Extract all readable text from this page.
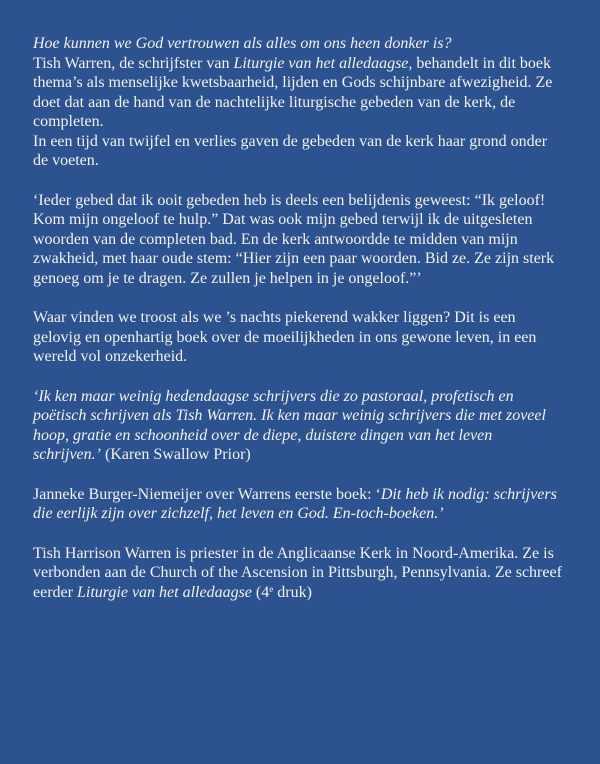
Hoe kunnen we God vertrouwen als alles om ons heen donker is?

Tish Warren, de schrijfster van Liturgie van het alledaagse, behandelt in dit boek thema’s als menselijke kwetsbaarheid, lijden en Gods schijnbare afwezigheid. Ze doet dat aan de hand van de nachtelijke liturgische gebeden van de kerk, de completen.

In een tijd van twijfel en verlies gaven de gebeden van de kerk haar grond onder de voeten.

‘Ieder gebed dat ik ooit gebeden heb is deels een belijdenis geweest: “Ik geloof! Kom mijn ongeloof te hulp.” Dat was ook mijn gebed terwijl ik de uitgesleten woorden van de completen bad. En de kerk antwoordde te midden van mijn zwakheid, met haar oude stem: “Hier zijn een paar woorden. Bid ze. Ze zijn sterk genoeg om je te dragen. Ze zullen je helpen in je ongeloof.”’

Waar vinden we troost als we ’s nachts piekerend wakker liggen? Dit is een gelovig en openhartig boek over de moeilijkheden in ons gewone leven, in een wereld vol onzekerheid.

‘Ik ken maar weinig hedendaagse schrijvers die zo pastoraal, profetisch en poëtisch schrijven als Tish Warren. Ik ken maar weinig schrijvers die met zoveel hoop, gratie en schoonheid over de diepe, duistere dingen van het leven schrijven.’ (Karen Swallow Prior)

Janneke Burger-Niemeijer over Warrens eerste boek: ‘Dit heb ik nodig: schrijvers die eerlijk zijn over zichzelf, het leven en God. En-toch-boeken.’

Tish Harrison Warren is priester in de Anglicaanse Kerk in Noord-Amerika. Ze is verbonden aan de Church of the Ascension in Pittsburgh, Pennsylvania. Ze schreef eerder Liturgie van het alledaagse (4e druk)
